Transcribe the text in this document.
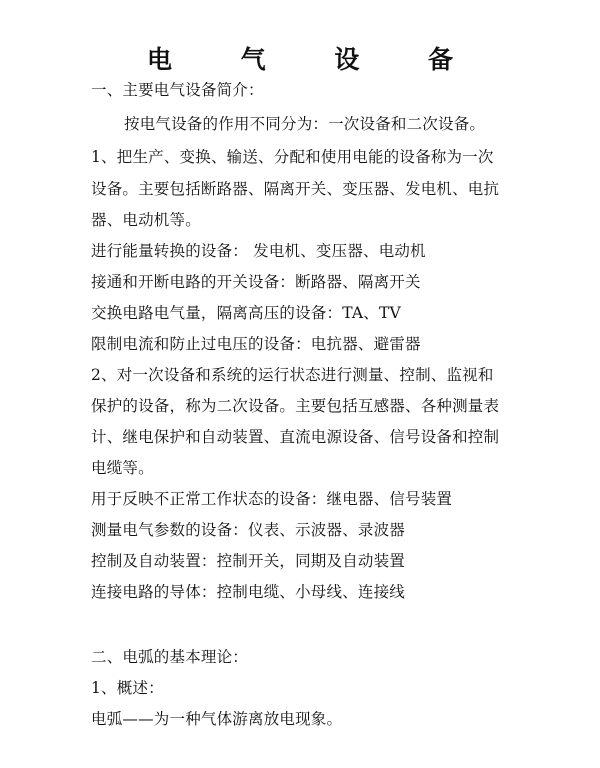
电 气 设 备
一、主要电气设备简介：
按电气设备的作用不同分为：一次设备和二次设备。
1、把生产、变换、输送、分配和使用电能的设备称为一次
设备。主要包括断路器、隔离开关、变压器、发电机、电抗
器、电动机等。
进行能量转换的设备： 发电机、变压器、电动机
接通和开断电路的开关设备：断路器、隔离开关
交换电路电气量，隔离高压的设备：TA、TV
限制电流和防止过电压的设备：电抗器、避雷器
2、对一次设备和系统的运行状态进行测量、控制、监视和
保护的设备，称为二次设备。主要包括互感器、各种测量表
计、继电保护和自动装置、直流电源设备、信号设备和控制
电缆等。
用于反映不正常工作状态的设备：继电器、信号装置
测量电气参数的设备：仪表、示波器、录波器
控制及自动装置：控制开关，同期及自动装置
连接电路的导体：控制电缆、小母线、连接线
二、电弧的基本理论：
1、概述：
电弧——为一种气体游离放电现象。
